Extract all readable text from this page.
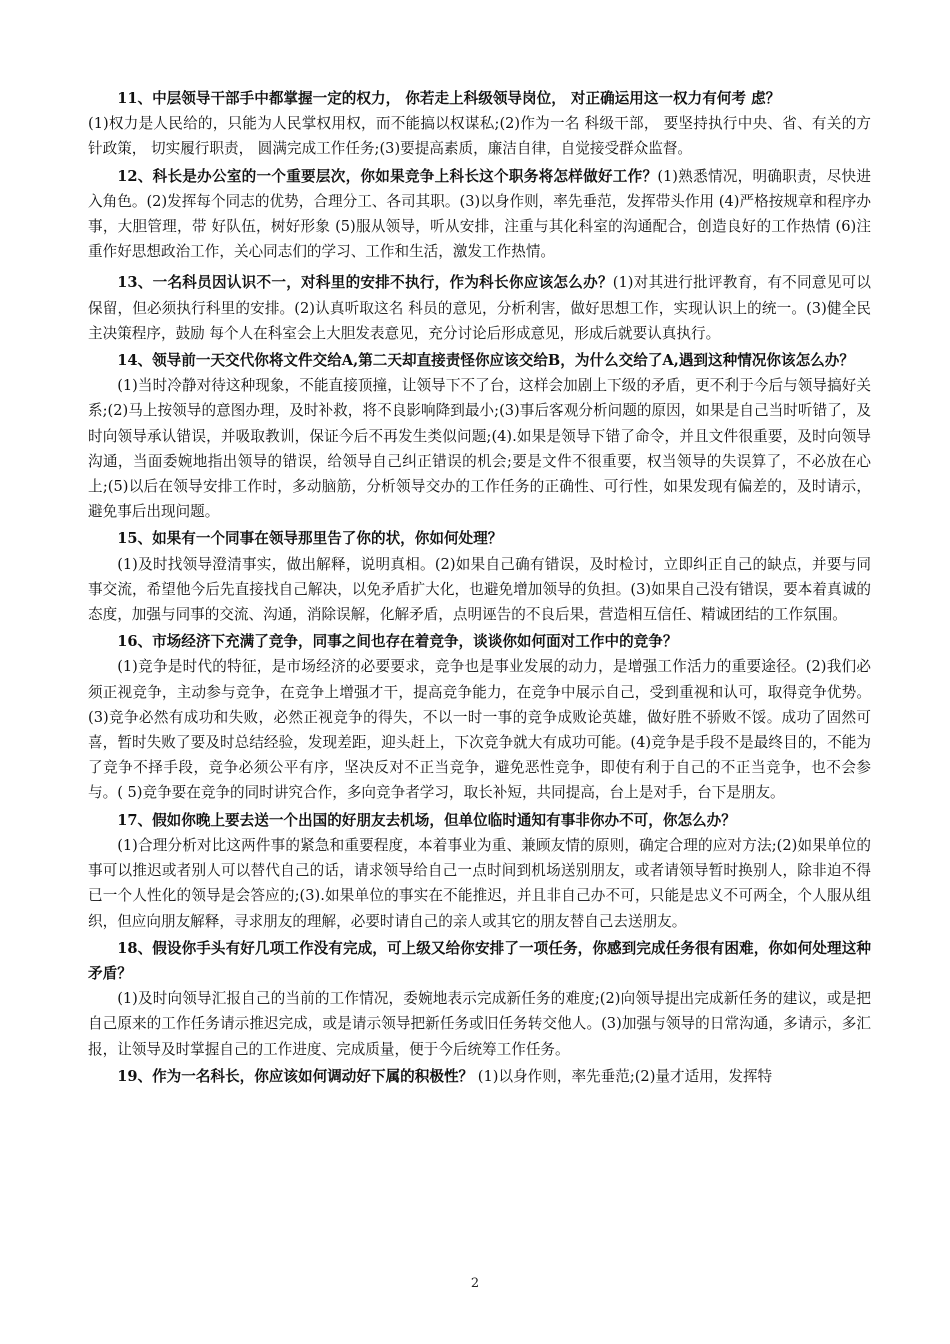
11、中层领导干部手中都掌握一定的权力， 你若走上科级领导岗位， 对正确运用这一权力有何考 虑？
(1)权力是人民给的，只能为人民掌权用权，而不能搞以权谋私;(2)作为一名 科级干部， 要坚持执行中央、省、有关的方针政策， 切实履行职责， 圆满完成工作任务;(3)要提高素质，廉洁自律，自觉接受群众监督。
12、科长是办公室的一个重要层次，你如果竞争上科长这个职务将怎样做好工作？(1)熟悉情况，明确职责，尽快进入角色。(2)发挥每个同志的优势，合理分工、各司其职。(3)以身作则，率先垂范，发挥带头作用 (4)严格按规章和程序办事，大胆管理，带 好队伍，树好形象 (5)服从领导，听从安排，注重与其化科室的沟通配合，创造良好的工作热情 (6)注重作好思想政治工作，关心同志们的学习、工作和生活，激发工作热情。
13、一名科员因认识不一，对科里的安排不执行，作为科长你应该怎么办？(1)对其进行批评教育，有不同意见可以保留，但必须执行科里的安排。(2)认真听取这名 科员的意见，分析利害，做好思想工作，实现认识上的统一。(3)健全民主决策程序，鼓励 每个人在科室会上大胆发表意见，充分讨论后形成意见，形成后就要认真执行。
14、领导前一天交代你将文件交给A,第二天却直接责怪你应该交给B，为什么交给了A,遇到这种情况你该怎么办？
(1)当时冷静对待这种现象，不能直接顶撞，让领导下不了台，这样会加剧上下级的矛盾，更不利于今后与领导搞好关系;(2)马上按领导的意图办理，及时补救，将不良影响降到最小;(3)事后客观分析问题的原因，如果是自己当时听错了，及时向领导承认错误，并吸取教训，保证今后不再发生类似问题;(4).如果是领导下错了命令，并且文件很重要，及时向领导沟通，当面委婉地指出领导的错误，给领导自己纠正错误的机会;要是文件不很重要，权当领导的失误算了，不必放在心上;(5)以后在领导安排工作时，多动脑筋，分析领导交办的工作任务的正确性、可行性，如果发现有偏差的，及时请示，避免事后出现问题。
15、如果有一个同事在领导那里告了你的状，你如何处理？
(1)及时找领导澄清事实，做出解释，说明真相。(2)如果自己确有错误，及时检讨，立即纠正自己的缺点，并要与同事交流，希望他今后先直接找自己解决，以免矛盾扩大化，也避免增加领导的负担。(3)如果自己没有错误，要本着真诚的态度，加强与同事的交流、沟通，消除误解，化解矛盾，点明诬告的不良后果，营造相互信任、精诚团结的工作氛围。
16、市场经济下充满了竞争，同事之间也存在着竞争，谈谈你如何面对工作中的竞争？
(1)竞争是时代的特征，是市场经济的必要要求，竞争也是事业发展的动力，是增强工作活力的重要途径。(2)我们必须正视竞争，主动参与竞争，在竞争上增强才干，提高竞争能力，在竞争中展示自己，受到重视和认可，取得竞争优势。(3)竞争必然有成功和失败，必然正视竞争的得失，不以一时一事的竞争成败论英雄，做好胜不骄败不馁。成功了固然可喜，暂时失败了要及时总结经验，发现差距，迎头赶上，下次竞争就大有成功可能。(4)竞争是手段不是最终目的，不能为了竞争不择手段，竞争必须公平有序，坚决反对不正当竞争，避免恶性竞争，即使有利于自己的不正当竞争，也不会参与。( 5)竞争要在竞争的同时讲究合作，多向竞争者学习，取长补短，共同提高，台上是对手，台下是朋友。
17、假如你晚上要去送一个出国的好朋友去机场，但单位临时通知有事非你办不可，你怎么办？
(1)合理分析对比这两件事的紧急和重要程度，本着事业为重、兼顾友情的原则，确定合理的应对方法;(2)如果单位的事可以推迟或者别人可以替代自己的话，请求领导给自己一点时间到机场送别朋友，或者请领导暂时换别人，除非迫不得已一个人性化的领导是会答应的;(3).如果单位的事实在不能推迟，并且非自己办不可，只能是忠义不可两全，个人服从组织，但应向朋友解释，寻求朋友的理解，必要时请自己的亲人或其它的朋友替自己去送朋友。
18、假设你手头有好几项工作没有完成，可上级又给你安排了一项任务，你感到完成任务很有困难，你如何处理这种矛盾？
(1)及时向领导汇报自己的当前的工作情况，委婉地表示完成新任务的难度;(2)向领导提出完成新任务的建议，或是把自己原来的工作任务请示推迟完成，或是请示领导把新任务或旧任务转交他人。(3)加强与领导的日常沟通，多请示，多汇报，让领导及时掌握自己的工作进度、完成质量，便于今后统筹工作任务。
19、作为一名科长，你应该如何调动好下属的积极性？ (1)以身作则，率先垂范;(2)量才适用，发挥特
2
